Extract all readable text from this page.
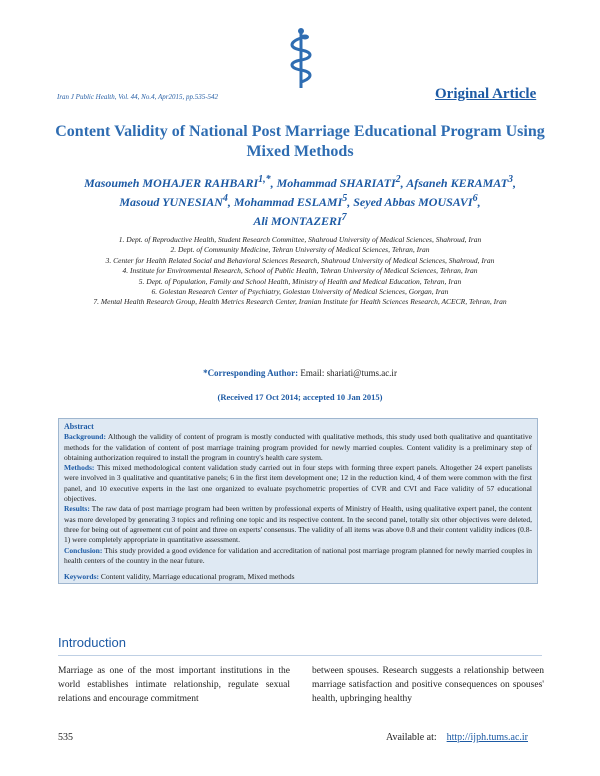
Iran J Public Health, Vol. 44, No.4, Apr2015, pp.535-542	Original Article
Content Validity of National Post Marriage Educational Program Using Mixed Methods
Masoumeh MOHAJER $RAHBARI^{1,*}$, Mohammad SHARIATI$^2$, Afsaneh KERAMAT$^3$,
Masoud YUNESIAN$^4$, Mohammad ESLAMI$^5$, Seyed Abbas MOUSAVI$^6$,
Ali MONTAZERI$^7$
1. Dept. of Reproductive Health, Student Research Committee, Shahroud University of Medical Sciences, Shahroud, Iran
2. Dept. of Community Medicine, Tehran University of Medical Sciences, Tehran, Iran
3. Center for Health Related Social and Behavioral Sciences Research, Shahroud University of Medical Sciences, Shahroud, Iran
4. Institute for Environmental Research, School of Public Health, Tehran University of Medical Sciences, Tehran, Iran
5. Dept. of Population, Family and School Health, Ministry of Health and Medical Education, Tehran, Iran
6. Golestan Research Center of Psychiatry, Golestan University of Medical Sciences, Gorgan, Iran
7. Mental Health Research Group, Health Metrics Research Center, Iranian Institute for Health Sciences Research, ACECR, Tehran, Iran
*Corresponding Author: Email: shariati@tums.ac.ir
(Received 17 Oct 2014; accepted 10 Jan 2015)
Abstract

Background: Although the validity of content of program is mostly conducted with qualitative methods, this study used both qualitative and quantitative methods for the validation of content of post marriage training program provided for newly married couples. Content validity is a preliminary step of obtaining authorization required to install the program in country's health care system.

Methods: This mixed methodological content validation study carried out in four steps with forming three expert panels. Altogether 24 expert panelists were involved in 3 qualitative and quantitative panels; 6 in the first item development one; 12 in the reduction kind, 4 of them were common with the first panel, and 10 executive experts in the last one organized to evaluate psychometric properties of CVR and CVI and Face validity of 57 educational objectives.

Results: The raw data of post marriage program had been written by professional experts of Ministry of Health, using qualitative expert panel, the content was more developed by generating 3 topics and refining one topic and its respective content. In the second panel, totally six other objectives were deleted, three for being out of agreement cut of point and three on experts' consensus. The validity of all items was above 0.8 and their content validity indices (0.8-1) were completely appropriate in quantitative assessment.

Conclusion: This study provided a good evidence for validation and accreditation of national post marriage program planned for newly married couples in health centers of the country in the near future.

Keywords: Content validity, Marriage educational program, Mixed methods

Introduction
Marriage as one of the most important institutions in the world establishes intimate relationship, regulate sexual relations and encourage commitment
between spouses. Research suggests a relationship between marriage satisfaction and positive consequences on spouses' health, upbringing healthy
535	Available at: http://ijph.tums.ac.ir
